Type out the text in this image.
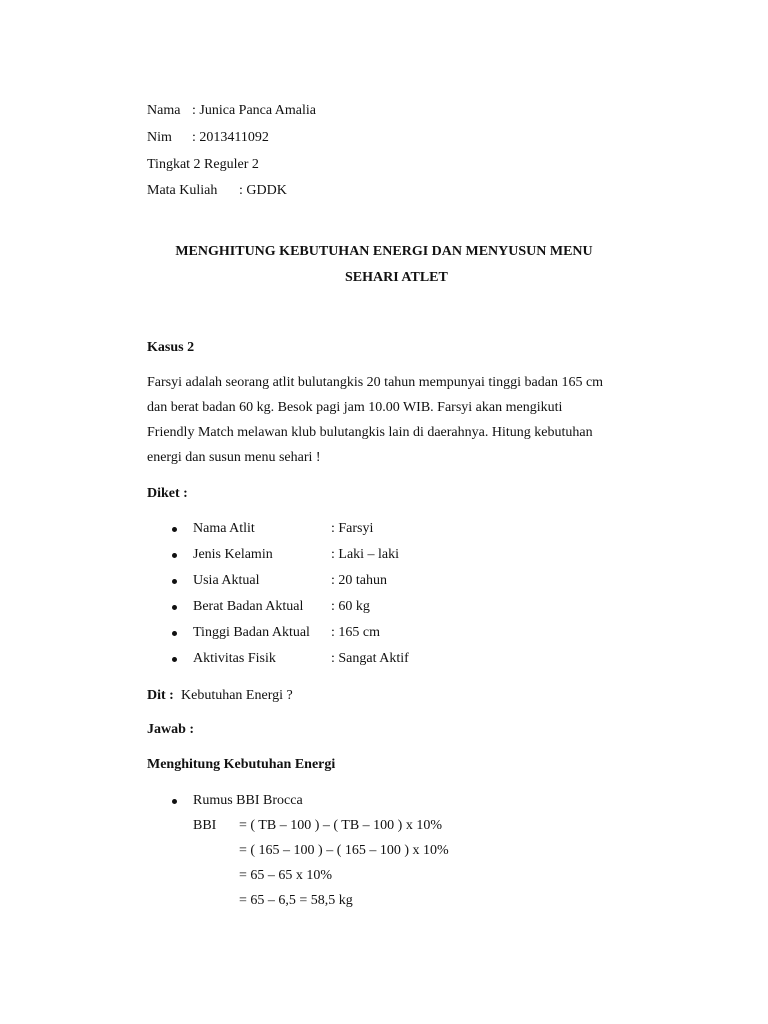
Nama : Junica Panca Amalia
Nim : 2013411092
Tingkat 2 Reguler 2
Mata Kuliah : GDDK
MENGHITUNG KEBUTUHAN ENERGI DAN MENYUSUN MENU
SEHARI ATLET
Kasus 2
Farsyi adalah seorang atlit bulutangkis 20 tahun mempunyai tinggi badan 165 cm
dan berat badan 60 kg. Besok pagi jam 10.00 WIB. Farsyi akan mengikuti
Friendly Match melawan klub bulutangkis lain di daerahnya. Hitung kebutuhan
energi dan susun menu sehari !
Diket :
Nama Atlit	: Farsyi
Jenis Kelamin	: Laki – laki
Usia Aktual	: 20 tahun
Berat Badan Aktual : 60 kg
Tinggi Badan Aktual : 165 cm
Aktivitas Fisik	: Sangat Aktif
Dit : Kebutuhan Energi ?
Jawab :
Menghitung Kebutuhan Energi
Rumus BBI Brocca
BBI = ( TB – 100 ) – ( TB – 100 ) x 10%
= ( 165 – 100 ) – ( 165 – 100 ) x 10%
= 65 – 65 x 10%
= 65 – 6,5 = 58,5 kg
